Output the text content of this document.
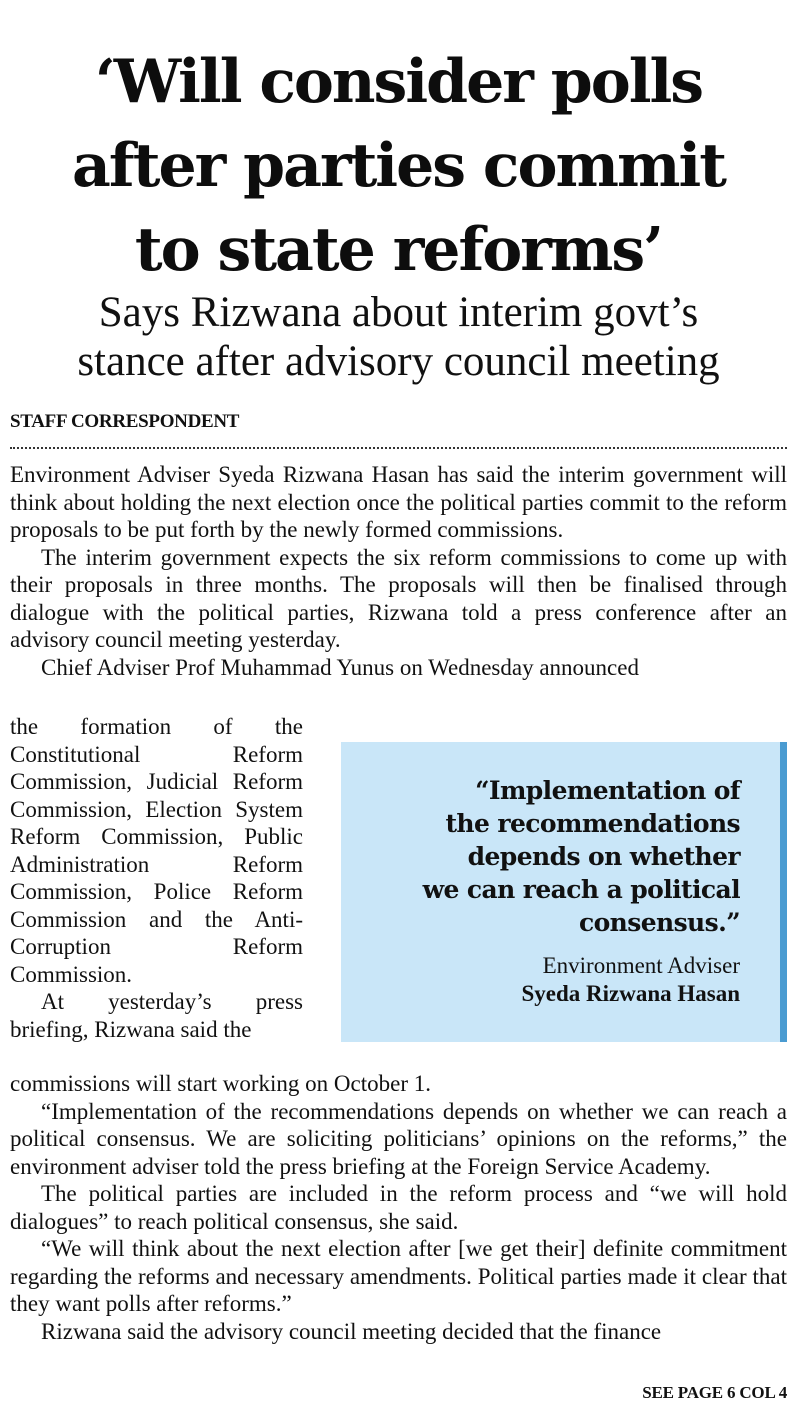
‘Will consider polls
after parties commit
to state reforms’
Says Rizwana about interim govt’s
stance after advisory council meeting
STAFF CORRESPONDENT

Environment Adviser Syeda Rizwana Hasan has said the interim government will think about holding the next election once the political parties commit to the reform proposals to be put forth by the newly formed commissions.

The interim government expects the six reform commissions to come up with their proposals in three months. The proposals will then be finalised through dialogue with the political parties, Rizwana told a press conference after an advisory council meeting yesterday.

Chief Adviser Prof Muhammad Yunus on Wednesday announced

the formation of the Constitutional Reform Commission, Judicial Reform Commission, Election System Reform Commission, Public Administration Reform Commission, Police Reform Commission and the Anti-Corruption Reform Commission.

At yesterday’s press briefing, Rizwana said the

“Implementation of
the recommendations
depends on whether
we can reach a political
consensus.”

Environment Adviser

Syeda Rizwana Hasan

commissions will start working on October 1.

“Implementation of the recommendations depends on whether we can reach a political consensus. We are soliciting politicians’ opinions on the reforms,” the environment adviser told the press briefing at the Foreign Service Academy.

The political parties are included in the reform process and “we will hold dialogues” to reach political consensus, she said.

“We will think about the next election after [we get their] definite commitment regarding the reforms and necessary amendments. Political parties made it clear that they want polls after reforms.”

Rizwana said the advisory council meeting decided that the finance

SEE PAGE 6 COL 4
